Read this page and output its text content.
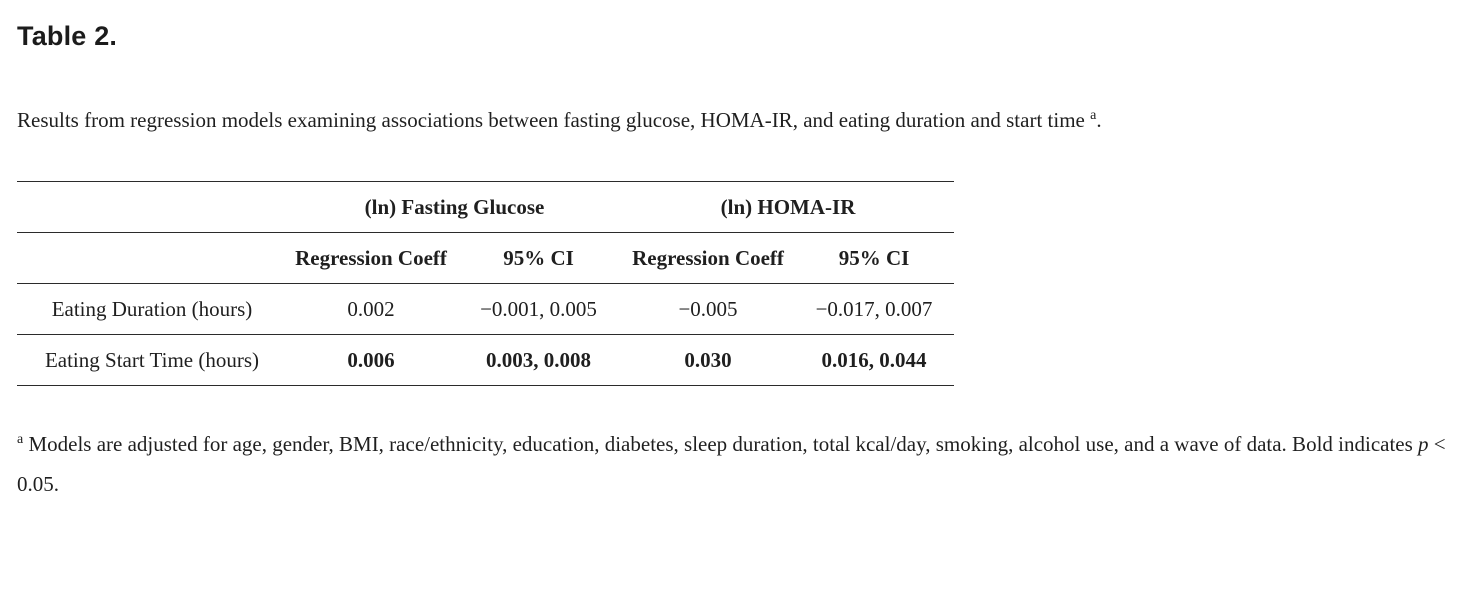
Table 2.

Results from regression models examining associations between fasting glucose, HOMA-IR, and eating duration and start time $^a$.

	(ln) Fasting Glucose		(ln) HOMA-IR	
	Regression Coeff	95% CI	Regression Coeff	95% CI
Eating Duration (hours)	0.002	−0.001, 0.005	−0.005	−0.017, 0.007
Eating Start Time (hours)	0.006	0.003, 0.008	0.030	0.016, 0.044

$^a$ Models are adjusted for age, gender, BMI, race/ethnicity, education, diabetes, sleep duration, total kcal/day, smoking, alcohol use, and a wave of data. Bold indicates p < 0.05.
